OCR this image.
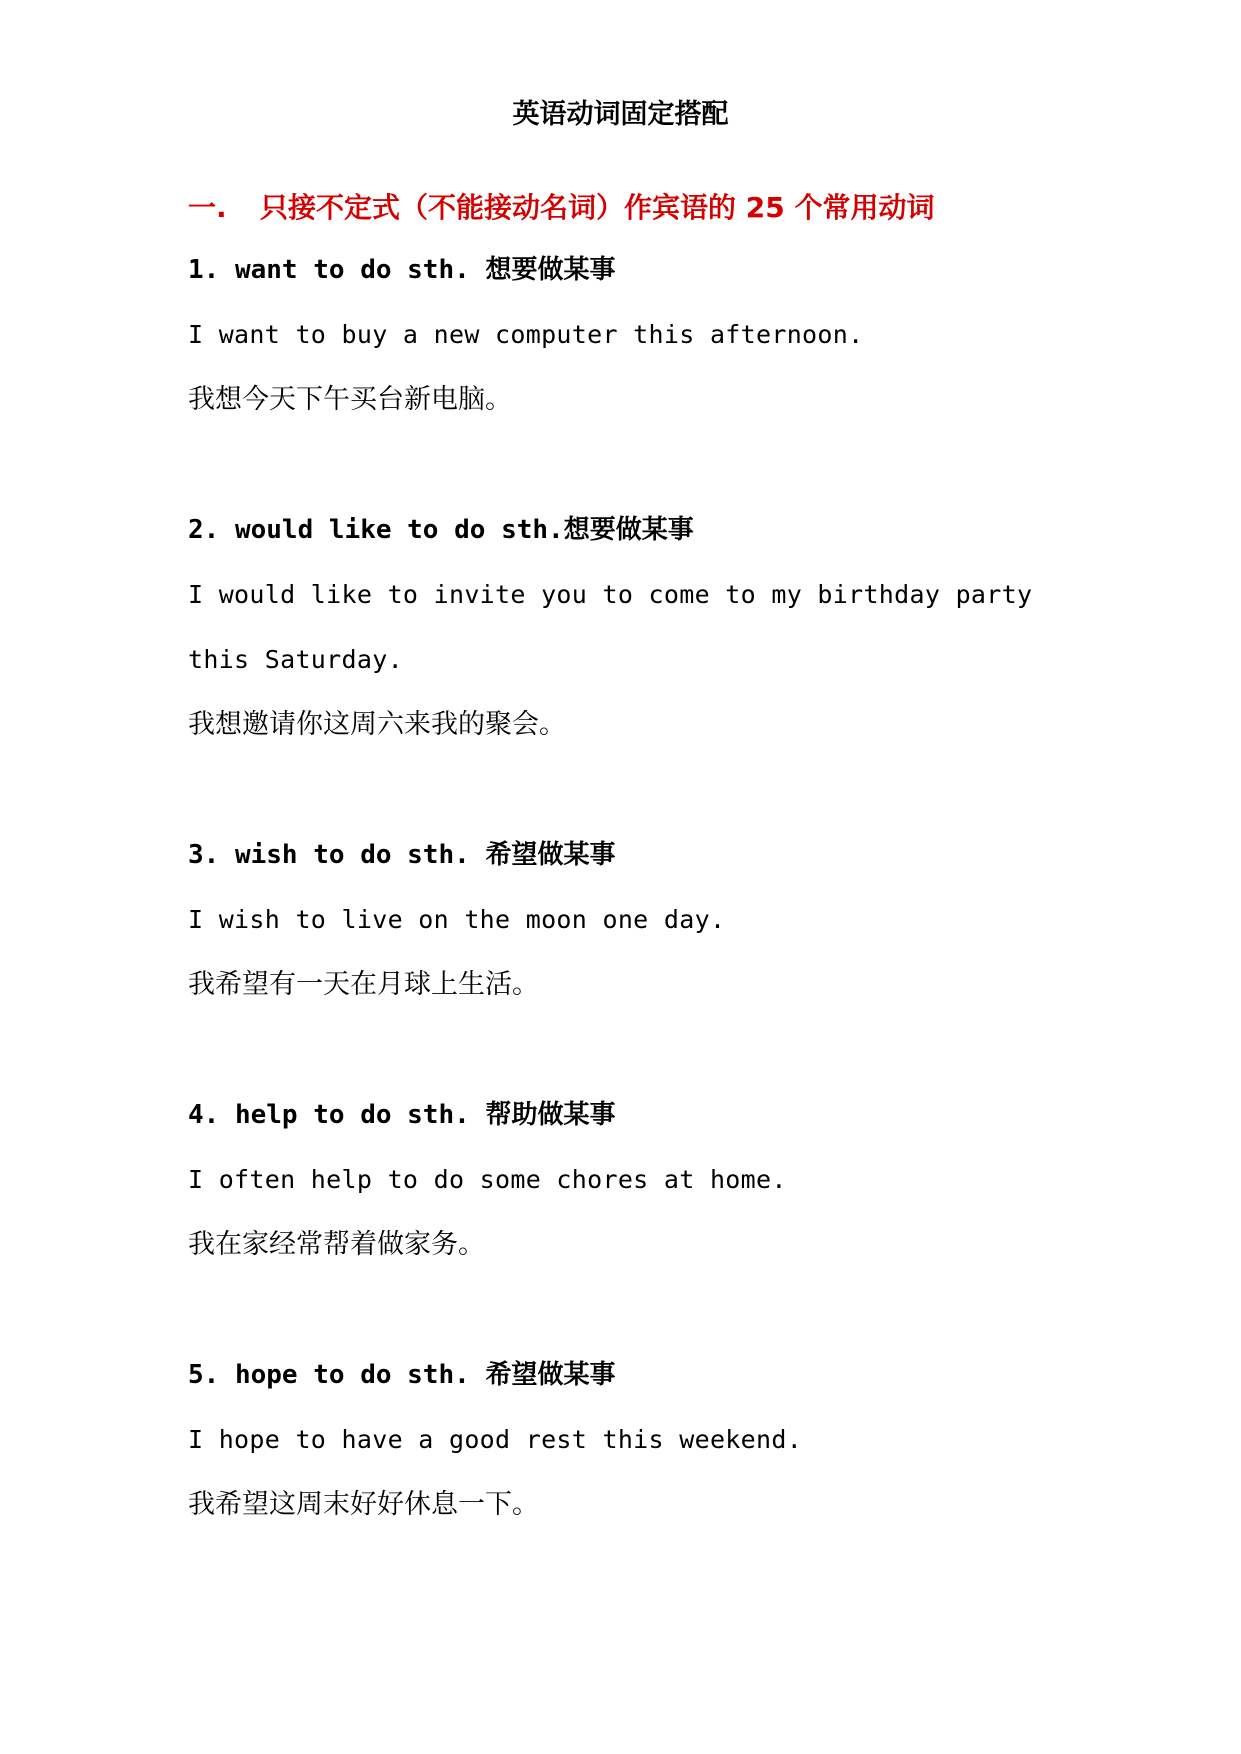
英语动词固定搭配
一. 只接不定式（不能接动名词）作宾语的 25 个常用动词

1. want to do sth. 想要做某事

I want to buy a new computer this afternoon.

我想今天下午买台新电脑。

2. would like to do sth.想要做某事

I would like to invite you to come to my birthday party this Saturday.

我想邀请你这周六来我的聚会。

3. wish to do sth. 希望做某事

I wish to live on the moon one day.

我希望有一天在月球上生活。

4. help to do sth. 帮助做某事

I often help to do some chores at home.

我在家经常帮着做家务。

5. hope to do sth. 希望做某事

I hope to have a good rest this weekend.

我希望这周末好好休息一下。
